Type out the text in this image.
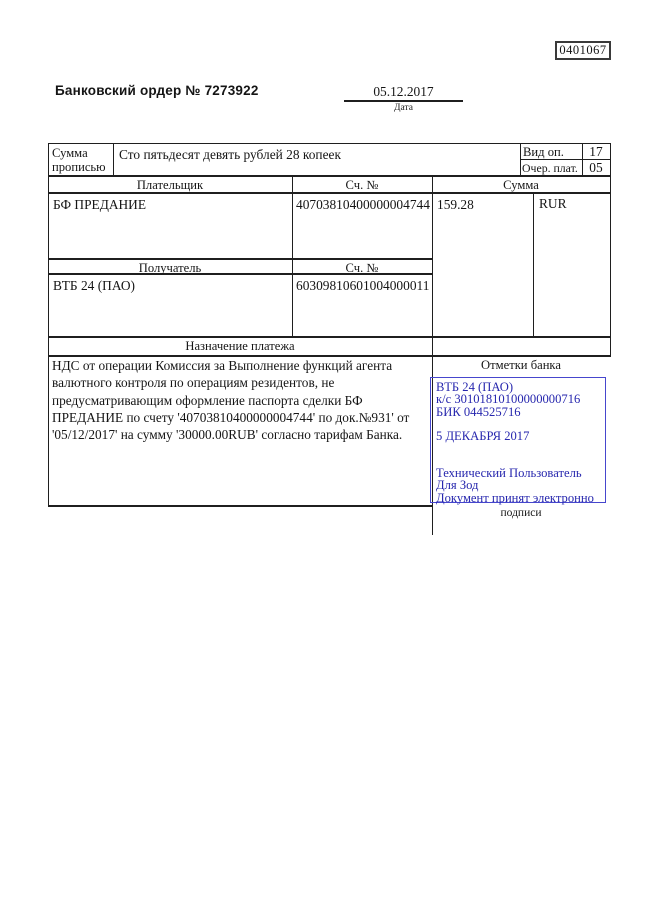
0401067
Банковский ордер № 7273922	05.12.2017
Дата
Сумма
прописью
Сто пятьдесят девять рублей 28 копеек	Вид оп.	17
Очер. плат. 05
Плательщик	Сч. №	Сумма
БФ ПРЕДАНИЕ	40703810400000004744 159.28	RUR
Получатель	Сч. №
ВТБ 24 (ПАО)	60309810601004000011
Назначение платежа
НДС от операции Комиссия за Выполнение функций агента валютного контроля по операциям резидентов, не предусматривающим оформление паспорта сделки БФ ПРЕДАНИЕ по счету '40703810400000004744' по док.№931' от '05/12/2017' на сумму '30000.00RUB' согласно тарифам Банка.
Отметки банка
ВТБ 24 (ПАО)
к/с 30101810100000000716
БИК 044525716

5 ДЕКАБРЯ 2017

Технический Пользователь Для Зод
Документ принят электронно
подписи
